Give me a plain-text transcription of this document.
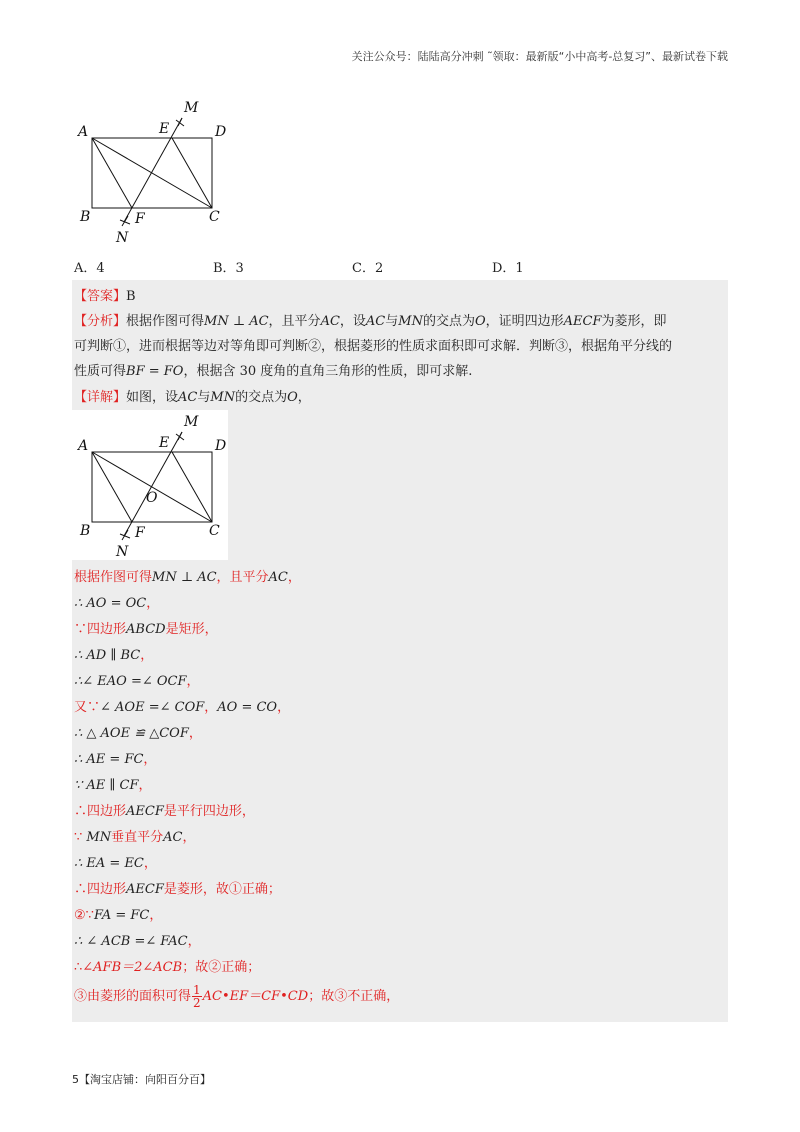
关注公众号：陆陆高分冲刺 ˜领取：最新版“小中高考-总复习”、最新试卷下载
A	D
B	C
E
F
M
N
A．4	B．3	C．2	D．1
【答案】B
【分析】根据作图可得MN ⊥ AC，且平分AC，设AC与MN的交点为O，证明四边形AECF为菱形，即
可判断①，进而根据等边对等角即可判断②，根据菱形的性质求面积即可求解．判断③，根据角平分线的
性质可得BF = FO，根据含 30 度角的直角三角形的性质，即可求解.
【详解】如图，设AC与MN的交点为O，
A	D
B	C
E
F
M
N
O
根据作图可得MN ⊥ AC，且平分AC，
∴ AO = OC，
∵四边形ABCD是矩形，
∴ AD ∥ BC，
∴∠ EAO =∠ OCF，
又∵∠ AOE =∠ COF，AO = CO，
∴ △ AOE ≌ △COF，
∴ AE = FC，
∵ AE ∥ CF，
∴四边形AECF是平行四边形，
∵ MN垂直平分AC，
∴ EA = EC，
∴四边形AECF是菱形，故①正确；
②∵FA = FC，
∴ ∠ ACB =∠ FAC，
∴∠AFB＝2∠ACB；故②正确；
③由菱形的面积可得 $\frac{1}{2}$ AC•EF＝CF•CD；故③不正确，
5【淘宝店铺：向阳百分百】
